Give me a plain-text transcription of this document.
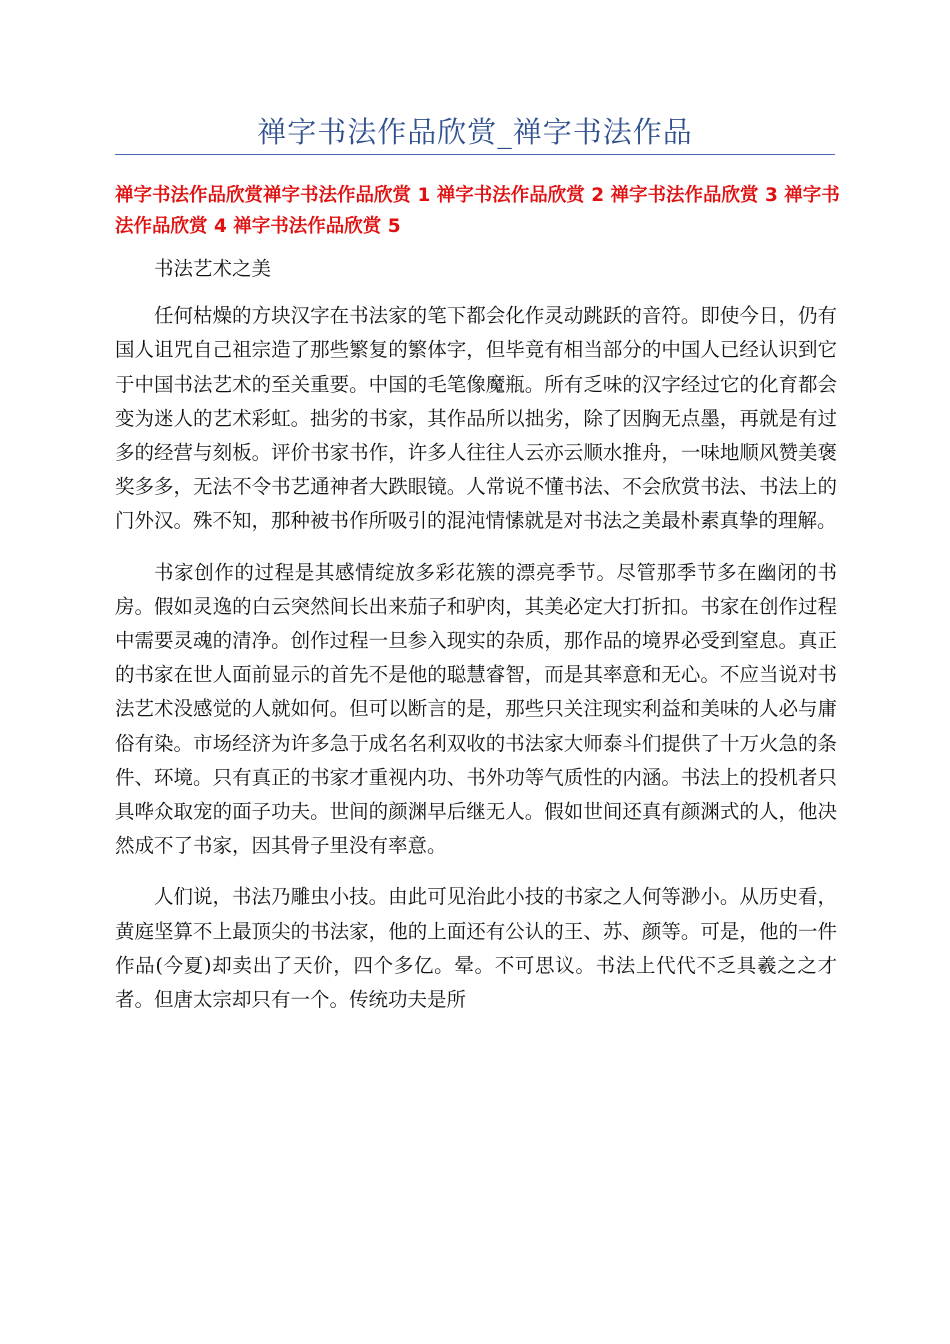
禅字书法作品欣赏_禅字书法作品
禅字书法作品欣赏禅字书法作品欣赏 1 禅字书法作品欣赏 2 禅字书法作品欣赏 3 禅字书法作品欣赏 4 禅字书法作品欣赏 5

书法艺术之美

任何枯燥的方块汉字在书法家的笔下都会化作灵动跳跃的音符。即使今日，仍有国人诅咒自己祖宗造了那些繁复的繁体字，但毕竟有相当部分的中国人已经认识到它于中国书法艺术的至关重要。中国的毛笔像魔瓶。所有乏味的汉字经过它的化育都会变为迷人的艺术彩虹。拙劣的书家，其作品所以拙劣，除了因胸无点墨，再就是有过多的经营与刻板。评价书家书作，许多人往往人云亦云顺水推舟，一味地顺风赞美褒奖多多，无法不令书艺通神者大跌眼镜。人常说不懂书法、不会欣赏书法、书法上的门外汉。殊不知，那种被书作所吸引的混沌情愫就是对书法之美最朴素真挚的理解。

书家创作的过程是其感情绽放多彩花簇的漂亮季节。尽管那季节多在幽闭的书房。假如灵逸的白云突然间长出来茄子和驴肉，其美必定大打折扣。书家在创作过程中需要灵魂的清净。创作过程一旦参入现实的杂质，那作品的境界必受到窒息。真正的书家在世人面前显示的首先不是他的聪慧睿智，而是其率意和无心。不应当说对书法艺术没感觉的人就如何。但可以断言的是，那些只关注现实利益和美味的人必与庸俗有染。市场经济为许多急于成名名利双收的书法家大师泰斗们提供了十万火急的条件、环境。只有真正的书家才重视内功、书外功等气质性的内涵。书法上的投机者只具哗众取宠的面子功夫。世间的颜渊早后继无人。假如世间还真有颜渊式的人，他决然成不了书家，因其骨子里没有率意。

人们说，书法乃雕虫小技。由此可见治此小技的书家之人何等渺小。从历史看，黄庭坚算不上最顶尖的书法家，他的上面还有公认的王、苏、颜等。可是，他的一件作品(今夏)却卖出了天价，四个多亿。晕。不可思议。书法上代代不乏具羲之之才者。但唐太宗却只有一个。传统功夫是所
